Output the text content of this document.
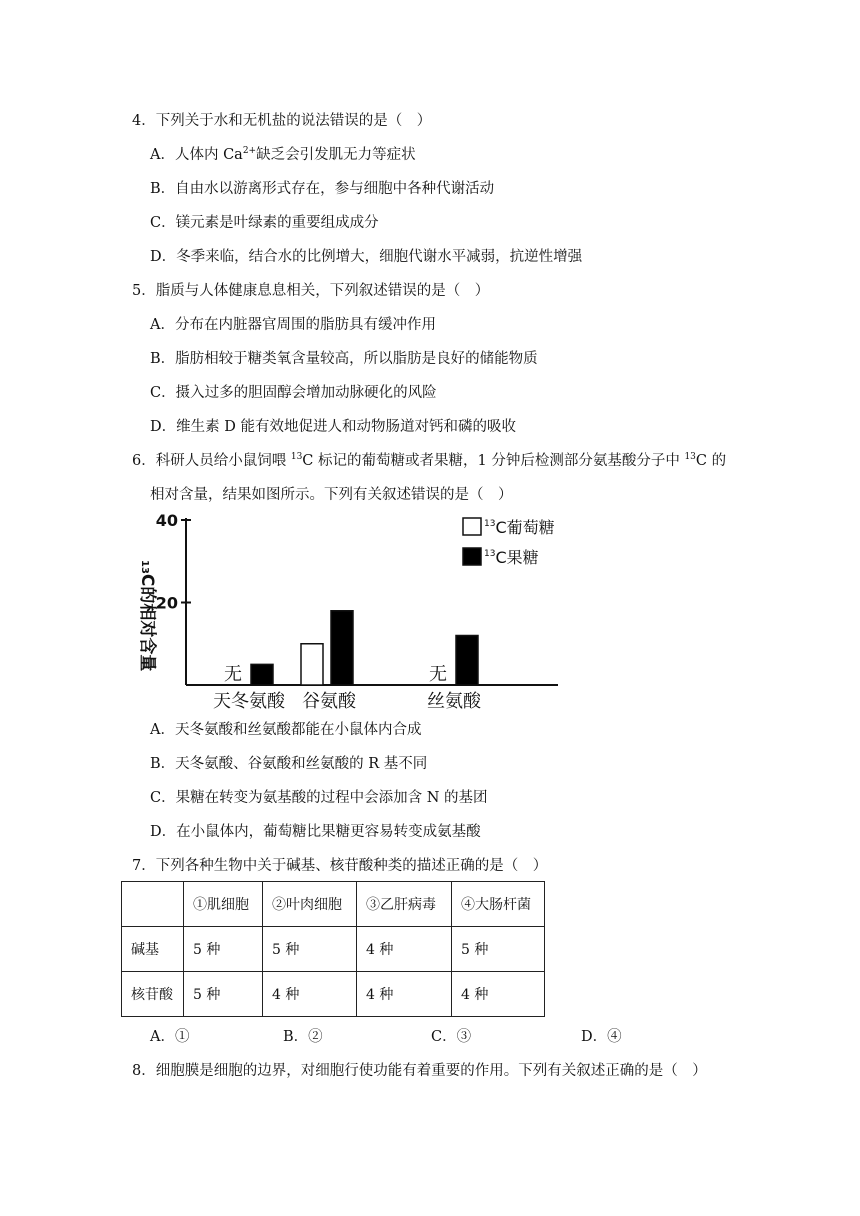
4．下列关于水和无机盐的说法错误的是（　）
A．人体内 $Ca^{2+}$缺乏会引发肌无力等症状
B．自由水以游离形式存在，参与细胞中各种代谢活动
C．镁元素是叶绿素的重要组成成分
D．冬季来临，结合水的比例增大，细胞代谢水平减弱，抗逆性增强
5．脂质与人体健康息息相关，下列叙述错误的是（　）
A．分布在内脏器官周围的脂肪具有缓冲作用
B．脂肪相较于糖类氧含量较高，所以脂肪是良好的储能物质
C．摄入过多的胆固醇会增加动脉硬化的风险
D．维生素 D 能有效地促进人和动物肠道对钙和磷的吸收
6．科研人员给小鼠饲喂 $^{13}$C 标记的葡萄糖或者果糖，1 分钟后检测部分氨基酸分子中 $^{13}$C 的
相对含量，结果如图所示。下列有关叙述错误的是（　）
20
40
天冬氨酸 谷氨酸	丝氨酸
无	无
$^{13}$C葡萄糖
$^{13}$C果糖
13C的相对含量
A．天冬氨酸和丝氨酸都能在小鼠体内合成
B．天冬氨酸、谷氨酸和丝氨酸的 R 基不同
C．果糖在转变为氨基酸的过程中会添加含 N 的基团
D．在小鼠体内，葡萄糖比果糖更容易转变成氨基酸
7．下列各种生物中关于碱基、核苷酸种类的描述正确的是（　）
	①肌细胞	②叶肉细胞	③乙肝病毒	④大肠杆菌
碱基	5 种	5 种	4 种	5 种
核苷酸	5 种	4 种	4 种	4 种
A．①	B．②	C．③	D．④
8．细胞膜是细胞的边界，对细胞行使功能有着重要的作用。下列有关叙述正确的是（　）
